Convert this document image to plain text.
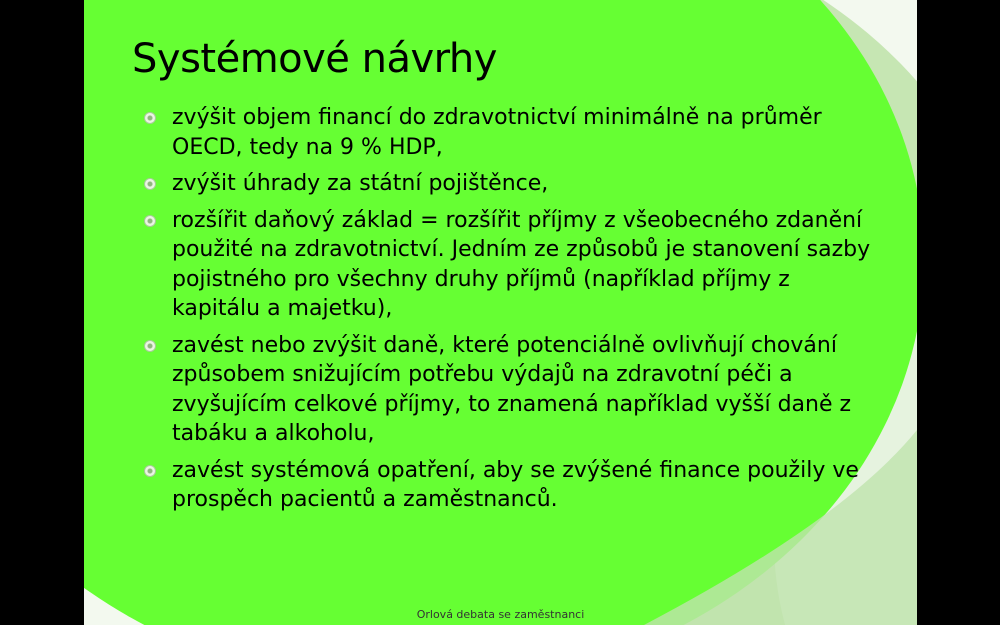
Systémové návrhy
zvýšit objem financí do zdravotnictví minimálně na průměr OECD, tedy na 9 % HDP,
zvýšit úhrady za státní pojištěnce,
rozšířit daňový základ = rozšířit příjmy z všeobecného zdanění použité na zdravotnictví. Jedním ze způsobů je stanovení sazby pojistného pro všechny druhy příjmů (například příjmy z kapitálu a majetku),
zavést nebo zvýšit daně, které potenciálně ovlivňují chování způsobem snižujícím potřebu výdajů na zdravotní péči a zvyšujícím celkové příjmy, to znamená například vyšší daně z tabáku a alkoholu,
zavést systémová opatření, aby se zvýšené finance použily ve prospěch pacientů a zaměstnanců.
Orlová debata se zaměstnanci
